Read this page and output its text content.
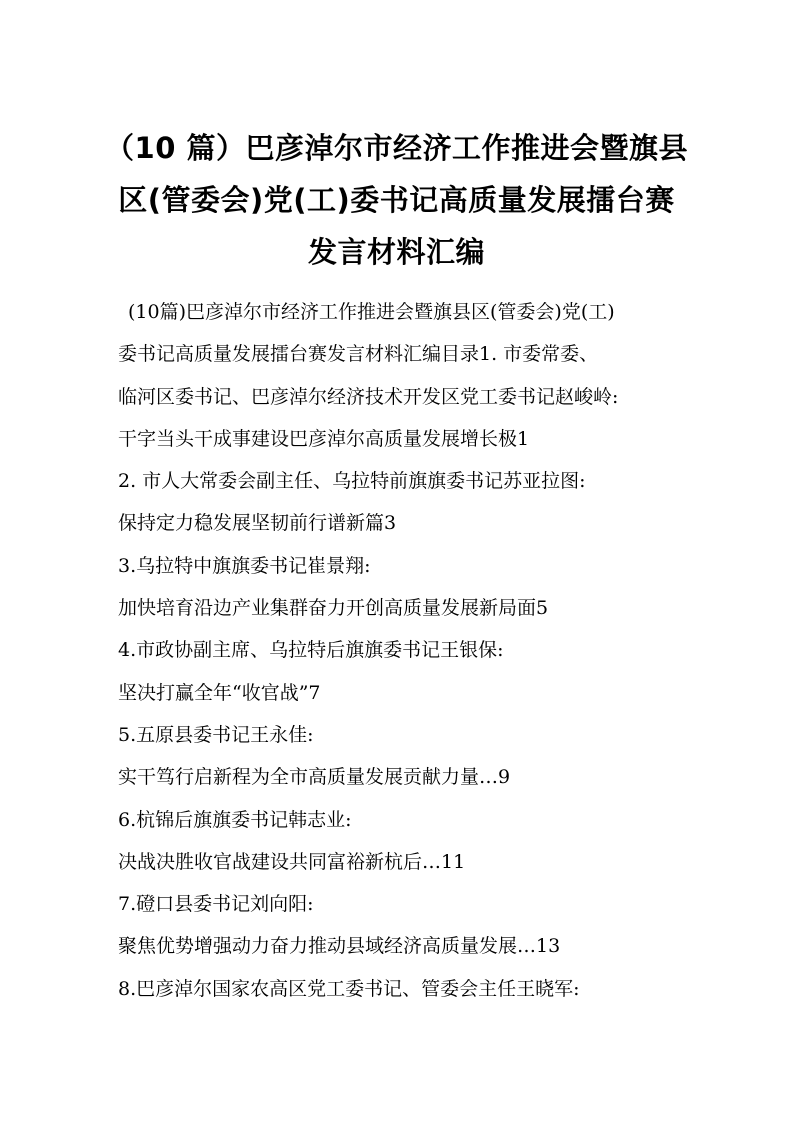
（10 篇）巴彦淖尔市经济工作推进会暨旗县
区(管委会)党(工)委书记高质量发展擂台赛
发言材料汇编
(10篇)巴彦淖尔市经济工作推进会暨旗县区(管委会)党(工)
委书记高质量发展擂台赛发言材料汇编目录1. 市委常委、
临河区委书记、巴彦淖尔经济技术开发区党工委书记赵峻岭:
干字当头干成事建设巴彦淖尔高质量发展增长极1
2. 市人大常委会副主任、乌拉特前旗旗委书记苏亚拉图:
保持定力稳发展坚韧前行谱新篇3
3.乌拉特中旗旗委书记崔景翔:
加快培育沿边产业集群奋力开创高质量发展新局面5
4.市政协副主席、乌拉特后旗旗委书记王银保:
坚决打赢全年“收官战”7
5.五原县委书记王永佳:
实干笃行启新程为全市高质量发展贡献力量…9
6.杭锦后旗旗委书记韩志业:
决战决胜收官战建设共同富裕新杭后…11
7.磴口县委书记刘向阳:
聚焦优势增强动力奋力推动县域经济高质量发展…13
8.巴彦淖尔国家农高区党工委书记、管委会主任王晓军:
